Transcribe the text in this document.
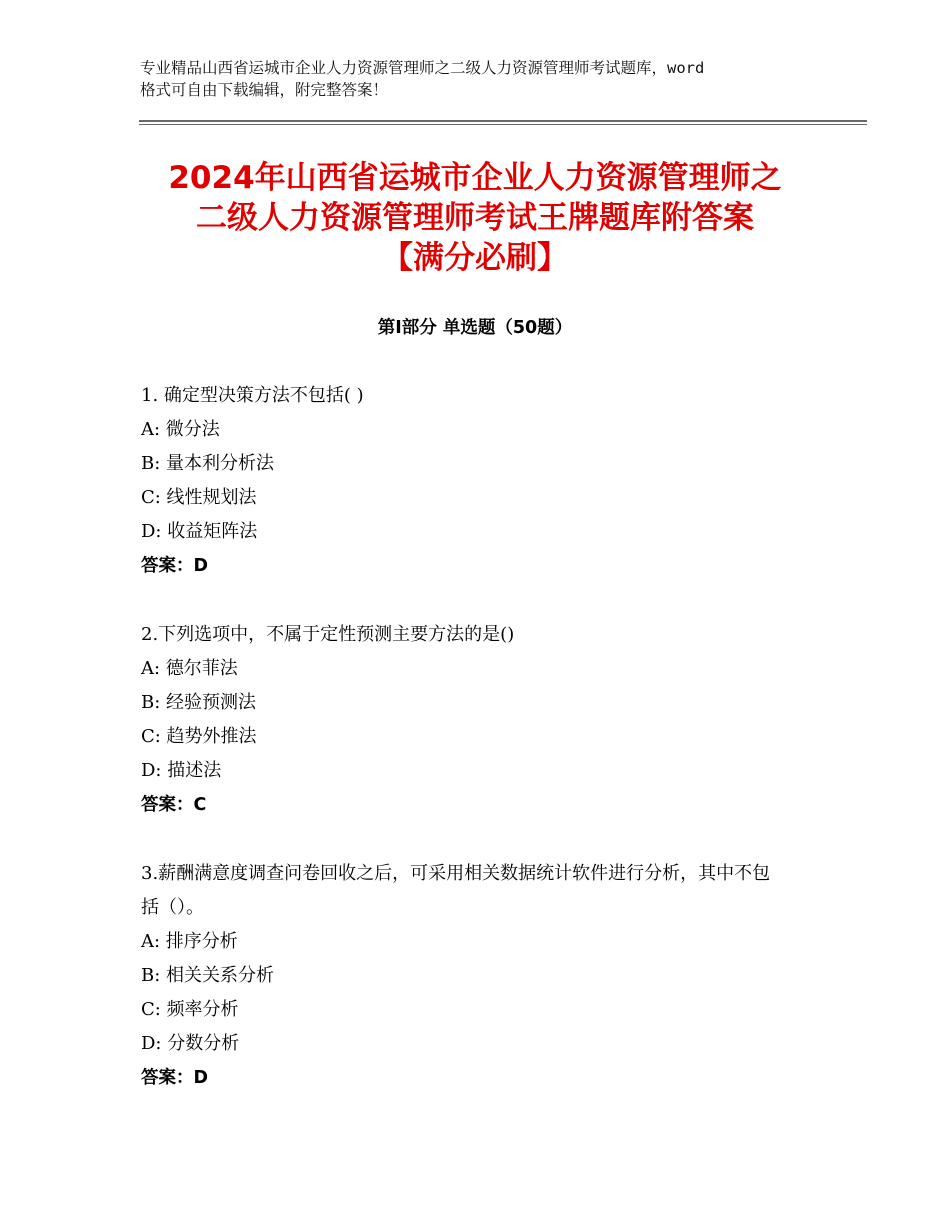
专业精品山西省运城市企业人力资源管理师之二级人力资源管理师考试题库，word
格式可自由下载编辑，附完整答案！
2024年山西省运城市企业人力资源管理师之
二级人力资源管理师考试王牌题库附答案
【满分必刷】
第Ⅰ部分 单选题（50题）
1. 确定型决策方法不包括( )
A: 微分法
B: 量本利分析法
C: 线性规划法
D: 收益矩阵法
答案：D
2.下列选项中，不属于定性预测主要方法的是()
A: 德尔菲法
B: 经验预测法
C: 趋势外推法
D: 描述法
答案：C
3.薪酬满意度调查问卷回收之后，可采用相关数据统计软件进行分析，其中不包括（）。
A: 排序分析
B: 相关关系分析
C: 频率分析
D: 分数分析
答案：D
